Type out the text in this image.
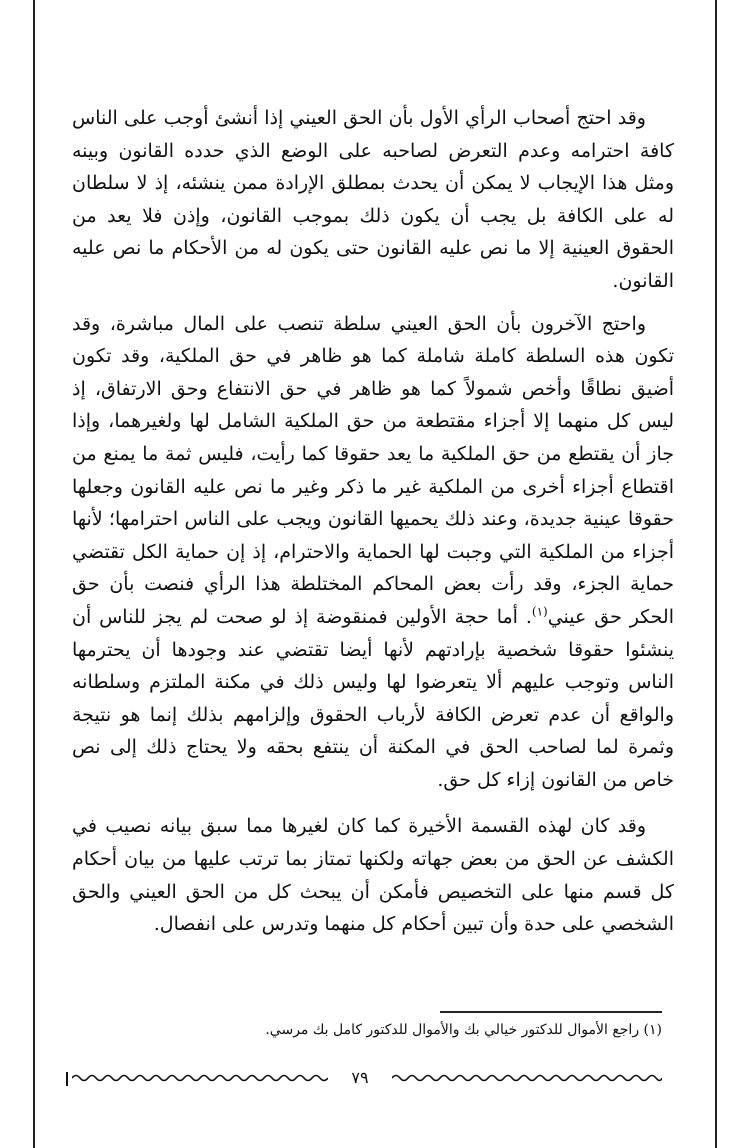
وقد احتج أصحاب الرأي الأول بأن الحق العيني إذا أنشئ أوجب على الناس كافة احترامه وعدم التعرض لصاحبه على الوضع الذي حدده القانون وبينه ومثل هذا الإيجاب لا يمكن أن يحدث بمطلق الإرادة ممن ينشئه، إذ لا سلطان له على الكافة بل يجب أن يكون ذلك بموجب القانون، وإذن فلا يعد من الحقوق العينية إلا ما نص عليه القانون حتى يكون له من الأحكام ما نص عليه القانون.

واحتج الآخرون بأن الحق العيني سلطة تنصب على المال مباشرة، وقد تكون هذه السلطة كاملة شاملة كما هو ظاهر في حق الملكية، وقد تكون أضيق نطاقًا وأخص شمولاً كما هو ظاهر في حق الانتفاع وحق الارتفاق، إذ ليس كل منهما إلا أجزاء مقتطعة من حق الملكية الشامل لها ولغيرهما، وإذا جاز أن يقتطع من حق الملكية ما يعد حقوقا كما رأيت، فليس ثمة ما يمنع من اقتطاع أجزاء أخرى من الملكية غير ما ذكر وغير ما نص عليه القانون وجعلها حقوقا عينية جديدة، وعند ذلك يحميها القانون ويجب على الناس احترامها؛ لأنها أجزاء من الملكية التي وجبت لها الحماية والاحترام، إذ إن حماية الكل تقتضي حماية الجزء، وقد رأت بعض المحاكم المختلطة هذا الرأي فنصت بأن حق الحكر حق عيني$^{(١)}$. أما حجة الأولين فمنقوضة إذ لو صحت لم يجز للناس أن ينشئوا حقوقا شخصية بإرادتهم لأنها أيضا تقتضي عند وجودها أن يحترمها الناس وتوجب عليهم ألا يتعرضوا لها وليس ذلك في مكنة الملتزم وسلطانه والواقع أن عدم تعرض الكافة لأرباب الحقوق وإلزامهم بذلك إنما هو نتيجة وثمرة لما لصاحب الحق في المكنة أن ينتفع بحقه ولا يحتاج ذلك إلى نص خاص من القانون إزاء كل حق.

وقد كان لهذه القسمة الأخيرة كما كان لغيرها مما سبق بيانه نصيب في الكشف عن الحق من بعض جهاته ولكنها تمتاز بما ترتب عليها من بيان أحكام كل قسم منها على التخصيص فأمكن أن يبحث كل من الحق العيني والحق الشخصي على حدة وأن تبين أحكام كل منهما وتدرس على انفصال.

(١) راجع الأموال للدكتور خيالي بك والأموال للدكتور كامل بك مرسي.
٧٩
